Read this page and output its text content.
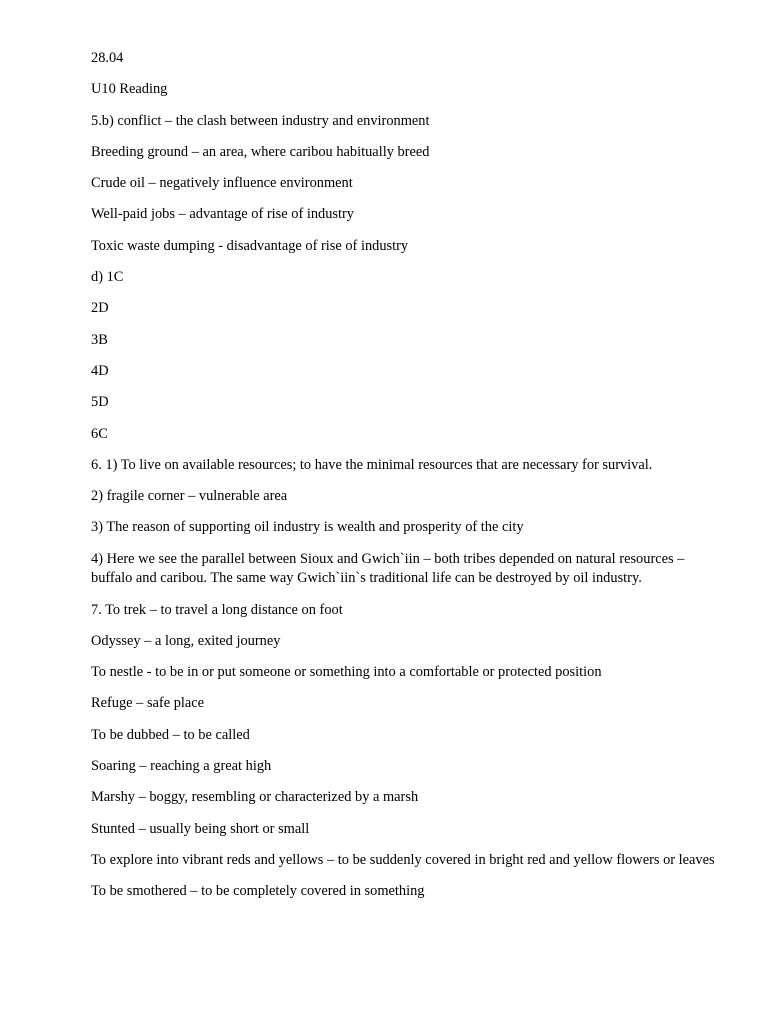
28.04

U10 Reading

5.b) conflict – the clash between industry and environment

Breeding ground – an area, where caribou habitually breed

Crude oil – negatively influence environment

Well-paid jobs – advantage of rise of industry

Toxic waste dumping - disadvantage of rise of industry

d) 1C

2D

3B

4D

5D

6C

6. 1) To live on available resources; to have the minimal resources that are necessary for survival.

2) fragile corner – vulnerable area

3) The reason of supporting oil industry is wealth and prosperity of the city

4) Here we see the parallel between Sioux and Gwich`iin – both tribes depended on natural resources – buffalo and caribou. The same way Gwich`iin`s traditional life can be destroyed by oil industry.

7. To trek – to travel a long distance on foot

Odyssey – a long, exited journey

To nestle - to be in or put someone or something into a comfortable or protected position

Refuge – safe place

To be dubbed – to be called

Soaring – reaching a great high

Marshy – boggy, resembling or characterized by a marsh

Stunted – usually being short or small

To explore into vibrant reds and yellows – to be suddenly covered in bright red and yellow flowers or leaves

To be smothered – to be completely covered in something
